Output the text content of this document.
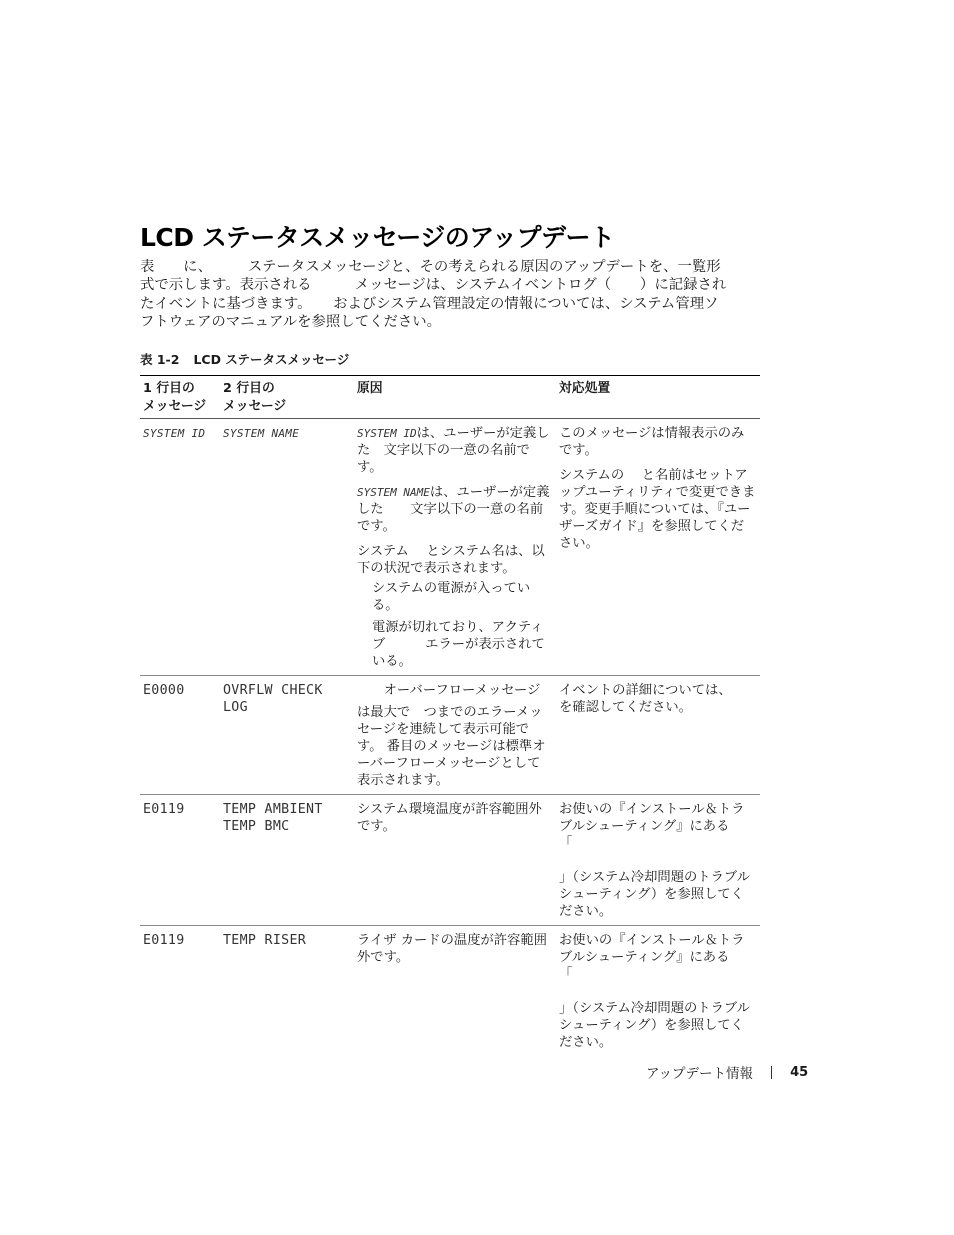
LCD ステータスメッセージのアップデート
表　　に、　　　ステータスメッセージと、その考えられる原因のアップデートを、一覧形
式で示します。表示される　　　メッセージは、システムイベントログ（　　）に記録され
たイベントに基づきます。　　およびシステム管理設定の情報については、システム管理ソ
フトウェアのマニュアルを参照してください。
表 1-2 LCD ステータスメッセージ
1 行目の
メッセージ	2 行目の
メッセージ	原因	対応処置
SYSTEM ID	SYSTEM NAME	SYSTEM IDは、ユーザーが定義した　文字以下の一意の名前です。
SYSTEM NAMEは、ユーザーが定義した　　文字以下の一意の名前です。
システム　 とシステム名は、以下の状況で表示されます。
システムの電源が入っている。
電源が切れており、アクティブ　　　エラーが表示されている。	このメッセージは情報表示のみです。
システムの　 と名前はセットアップユーティリティで変更できます。変更手順については、『ユーザーズガイド』を参照してください。

E0000	OVRFLW CHECK LOG	　　オーバーフローメッセージ
は最大で　つまでのエラーメッセージを連続して表示可能です。 番目のメッセージは標準オーバーフローメッセージとして表示されます。	イベントの詳細については、　　を確認してください。

E0119	TEMP AMBIENT TEMP BMC	システム環境温度が許容範囲外です。	お使いの『インストール＆トラブルシューティング』にある
「
」（システム冷却問題のトラブルシューティング）を参照してください。

E0119	TEMP RISER	ライザ カードの温度が許容範囲外です。	お使いの『インストール＆トラブルシューティング』にある
「
」（システム冷却問題のトラブルシューティング）を参照してください。
アップデート情報	45
